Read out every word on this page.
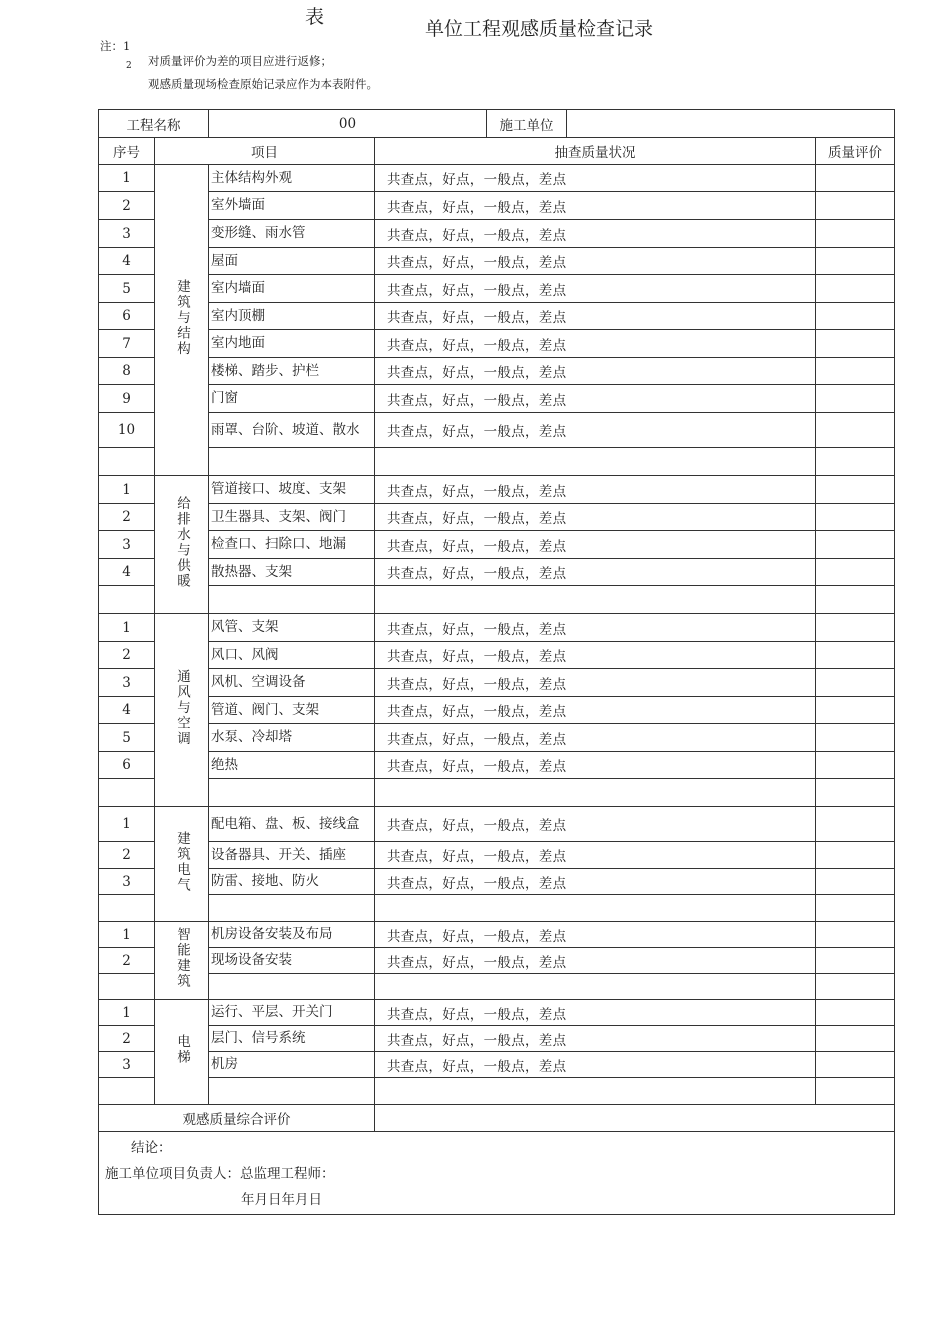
表
单位工程观感质量检查记录
注：1
2 对质量评价为差的项目应进行返修；
观感质量现场检查原始记录应作为本表附件。
工程名称		00		施工单位		
序号	项目		抽查质量状况			质量评价
1	建筑与结构	主体结构外观	共查点，好点，一般点，差点			
2		室外墙面	共查点，好点，一般点，差点			
3		变形缝、雨水管	共查点，好点，一般点，差点			
4		屋面	共查点，好点，一般点，差点			
5		室内墙面	共查点，好点，一般点，差点			
6		室内顶棚	共查点，好点，一般点，差点			
7		室内地面	共查点，好点，一般点，差点			
8		楼梯、踏步、护栏	共查点，好点，一般点，差点			
9		门窗	共查点，好点，一般点，差点			
10		雨罩、台阶、坡道、散水	共查点，好点，一般点，差点			

1	给排水与供暖	管道接口、坡度、支架	共查点，好点，一般点，差点			
2		卫生器具、支架、阀门	共查点，好点，一般点，差点			
3		检查口、扫除口、地漏	共查点，好点，一般点，差点			
4		散热器、支架	共查点，好点，一般点，差点			

1	通风与空调	风管、支架	共查点，好点，一般点，差点			
2		风口、风阀	共查点，好点，一般点，差点			
3		风机、空调设备	共查点，好点，一般点，差点			
4		管道、阀门、支架	共查点，好点，一般点，差点			
5		水泵、冷却塔	共查点，好点，一般点，差点			
6		绝热	共查点，好点，一般点，差点			

1	建筑电气	配电箱、盘、板、接线盒	共查点，好点，一般点，差点			
2		设备器具、开关、插座	共查点，好点，一般点，差点			
3		防雷、接地、防火	共查点，好点，一般点，差点			

1	智能建筑	机房设备安装及布局	共查点，好点，一般点，差点			
2		现场设备安装	共查点，好点，一般点，差点			

1	电梯	运行、平层、开关门	共查点，好点，一般点，差点			
2		层门、信号系统	共查点，好点，一般点，差点			
3		机房	共查点，好点，一般点，差点			

观感质量综合评价						

结论：
施工单位项目负责人：总监理工程师：
年月日年月日						
